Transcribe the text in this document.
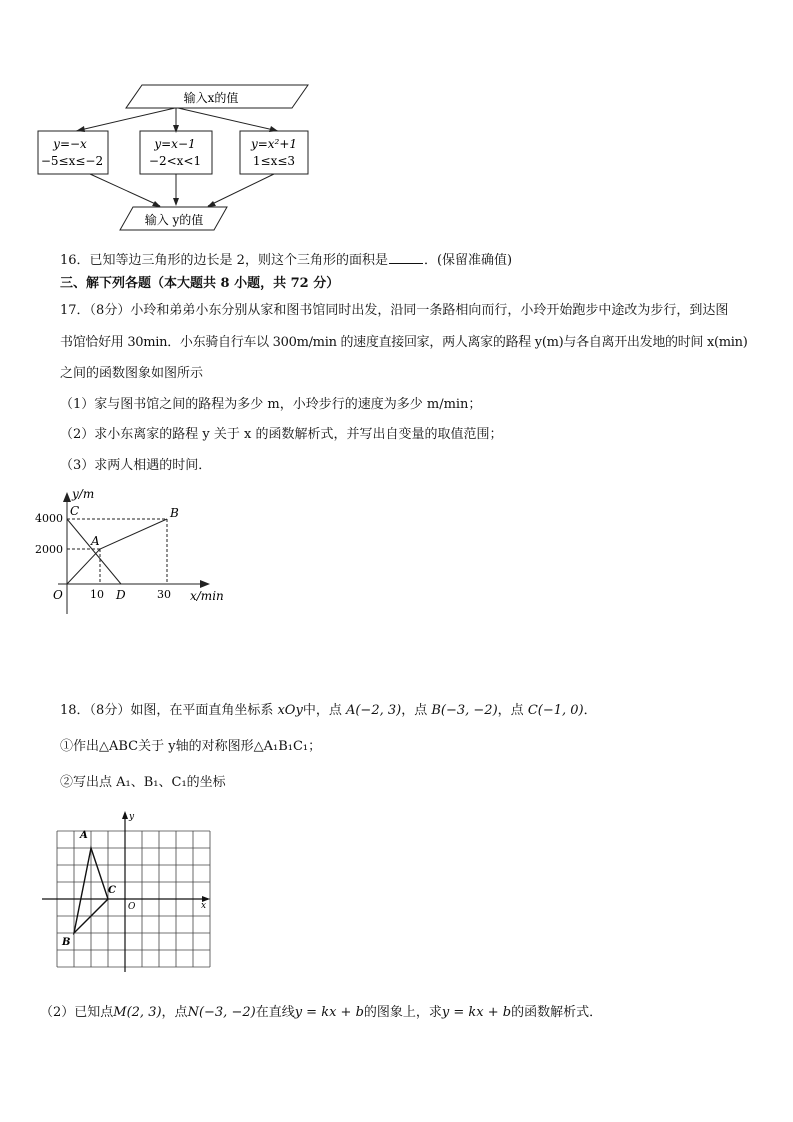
输入x的值
y=−x
−5≤x≤−2
y=x−1
−2<x<1
y=x²+1
1≤x≤3
输入 y的值
16．已知等边三角形的边长是 2，则这个三角形的面积是	．(保留准确值)
三、解下列各题（本大题共 8 小题，共 72 分）
17．（8分）小玲和弟弟小东分别从家和图书馆同时出发，沿同一条路相向而行，小玲开始跑步中途改为步行，到达图
书馆恰好用 30min．小东骑自行车以 300m/min 的速度直接回家，两人离家的路程 y(m)与各自离开出发地的时间 x(min)
之间的函数图象如图所示
（1）家与图书馆之间的路程为多少 m，小玲步行的速度为多少 m/min；
（2）求小东离家的路程 y 关于 x 的函数解析式，并写出自变量的取值范围；
（3）求两人相遇的时间．
y/m
x/min
4000
2000
O 10	30
A
B
C
D
18．（8分）如图，在平面直角坐标系 xOy中，点 A(−2, 3)，点 B(−3, −2)，点 C(−1, 0)．
①作出△ABC关于 y轴的对称图形△A₁B₁C₁；
②写出点 A₁、B₁、C₁的坐标
A
B
C
O	x
y
（2）已知点M(2, 3)，点N(−3, −2)在直线y = kx + b的图象上，求y = kx + b的函数解析式．
